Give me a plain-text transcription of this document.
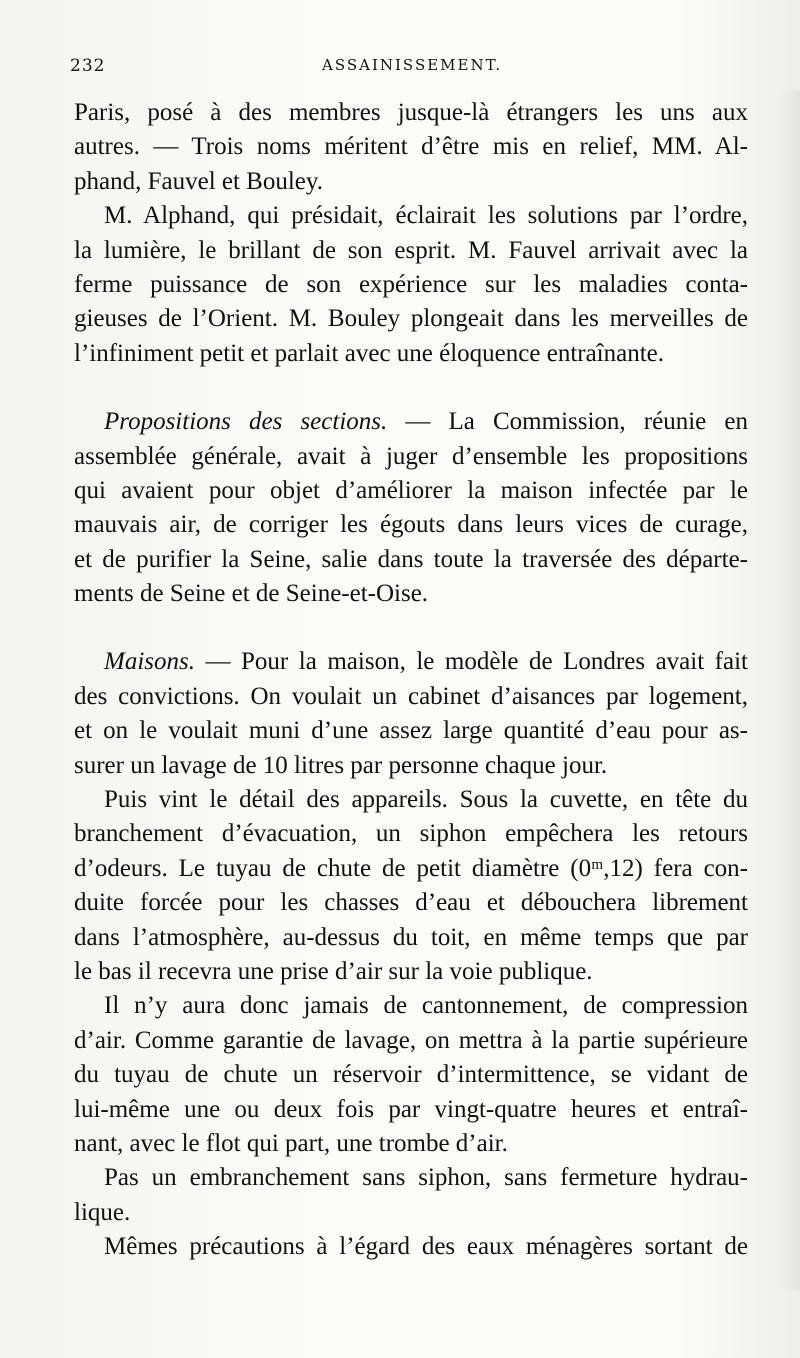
232	ASSAINISSEMENT.
Paris, posé à des membres jusque-là étrangers les uns aux
autres. — Trois noms méritent d’être mis en relief, MM. Al-
phand, Fauvel et Bouley.
M. Alphand, qui présidait, éclairait les solutions par l’ordre,
la lumière, le brillant de son esprit. M. Fauvel arrivait avec la
ferme puissance de son expérience sur les maladies conta-
gieuses de l’Orient. M. Bouley plongeait dans les merveilles de
l’infiniment petit et parlait avec une éloquence entraînante.
Propositions des sections. — La Commission, réunie en
assemblée générale, avait à juger d’ensemble les propositions
qui avaient pour objet d’améliorer la maison infectée par le
mauvais air, de corriger les égouts dans leurs vices de curage,
et de purifier la Seine, salie dans toute la traversée des départe-
ments de Seine et de Seine-et-Oise.
Maisons. — Pour la maison, le modèle de Londres avait fait
des convictions. On voulait un cabinet d’aisances par logement,
et on le voulait muni d’une assez large quantité d’eau pour as-
surer un lavage de 10 litres par personne chaque jour.
Puis vint le détail des appareils. Sous la cuvette, en tête du
branchement d’évacuation, un siphon empêchera les retours
d’odeurs. Le tuyau de chute de petit diamètre (0ᵐ,12) fera con-
duite forcée pour les chasses d’eau et débouchera librement
dans l’atmosphère, au-dessus du toit, en même temps que par
le bas il recevra une prise d’air sur la voie publique.
Il n’y aura donc jamais de cantonnement, de compression
d’air. Comme garantie de lavage, on mettra à la partie supérieure
du tuyau de chute un réservoir d’intermittence, se vidant de
lui-même une ou deux fois par vingt-quatre heures et entraî-
nant, avec le flot qui part, une trombe d’air.
Pas un embranchement sans siphon, sans fermeture hydrau-
lique.
Mêmes précautions à l’égard des eaux ménagères sortant de
